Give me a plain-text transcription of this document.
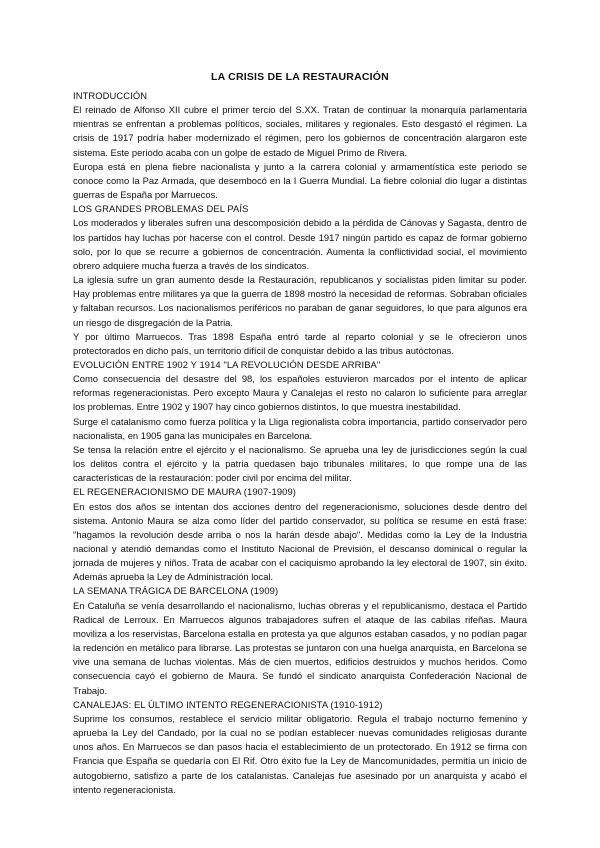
LA CRISIS DE LA RESTAURACIÓN
INTRODUCCIÓN

El reinado de Alfonso XII cubre el primer tercio del S.XX. Tratan de continuar la monarquía parlamentaria mientras se enfrentan a problemas políticos, sociales, militares y regionales. Esto desgastó el régimen. La crisis de 1917 podría haber modernizado el régimen, pero los gobiernos de concentración alargaron este sistema. Este periodo acaba con un golpe de estado de Miguel Primo de Rivera.

Europa está en plena fiebre nacionalista y junto a la carrera colonial y armamentística este periodo se conoce como la Paz Armada, que desembocó en la I Guerra Mundial. La fiebre colonial dio lugar a distintas guerras de España por Marruecos.

LOS GRANDES PROBLEMAS DEL PAÍS

Los moderados y liberales sufren una descomposición debido a la pérdida de Cánovas y Sagasta, dentro de los partidos hay luchas por hacerse con el control. Desde 1917 ningún partido es capaz de formar gobierno solo, por lo que se recurre a gobiernos de concentración. Aumenta la conflictividad social, el movimiento obrero adquiere mucha fuerza a través de los sindicatos.

La iglesia sufre un gran aumento desde la Restauración, republicanos y socialistas piden limitar su poder. Hay problemas entre militares ya que la guerra de 1898 mostró la necesidad de reformas. Sobraban oficiales y faltaban recursos. Los nacionalismos periféricos no paraban de ganar seguidores, lo que para algunos era un riesgo de disgregación de la Patria.

Y por último Marruecos. Tras 1898 España entró tarde al reparto colonial y se le ofrecieron unos protectorados en dicho país, un territorio difícil de conquistar debido a las tribus autóctonas.

EVOLUCIÓN ENTRE 1902 Y 1914 "LA REVOLUCIÓN DESDE ARRIBA"

Como consecuencia del desastre del 98, los españoles estuvieron marcados por el intento de aplicar reformas regeneracionistas. Pero excepto Maura y Canalejas el resto no calaron lo suficiente para arreglar los problemas. Entre 1902 y 1907 hay cinco gobiernos distintos, lo que muestra inestabilidad.

Surge el catalanismo como fuerza política y la Lliga regionalista cobra importancia, partido conservador pero nacionalista, en 1905 gana las municipales en Barcelona.

Se tensa la relación entre el ejército y el nacionalismo. Se aprueba una ley de jurisdicciones según la cual los delitos contra el ejército y la patria quedasen bajo tribunales militares, lo que rompe una de las características de la restauración: poder civil por encima del militar.

EL REGENERACIONISMO DE MAURA (1907-1909)

En estos dos años se intentan dos acciones dentro del regeneracionismo, soluciones desde dentro del sistema. Antonio Maura se alza como líder del partido conservador, su política se resume en está frase: "hagamos la revolución desde arriba o nos la harán desde abajo". Medidas como la Ley de la Industria nacional y atendió demandas como el Instituto Nacional de Previsión, el descanso dominical o regular la jornada de mujeres y niños. Trata de acabar con el caciquismo aprobando la ley electoral de 1907, sin éxito. Además aprueba la Ley de Administración local.

LA SEMANA TRÁGICA DE BARCELONA (1909)

En Cataluña se venía desarrollando el nacionalismo, luchas obreras y el republicanismo, destaca el Partido Radical de Lerroux. En Marruecos algunos trabajadores sufren el ataque de las cabilas rifeñas. Maura moviliza a los reservistas, Barcelona estalla en protesta ya que algunos estaban casados, y no podían pagar la redención en metálico para librarse. Las protestas se juntaron con una huelga anarquista, en Barcelona se vive una semana de luchas violentas. Más de cien muertos, edificios destruidos y muchos heridos. Como consecuencia cayó el gobierno de Maura. Se fundó el sindicato anarquista Confederación Nacional de Trabajo.

CANALEJAS: EL ÚLTIMO INTENTO REGENERACIONISTA (1910-1912)

Suprime los consumos, restablece el servicio militar obligatorio. Regula el trabajo nocturno femenino y aprueba la Ley del Candado, por la cual no se podían establecer nuevas comunidades religiosas durante unos años. En Marruecos se dan pasos hacia el establecimiento de un protectorado. En 1912 se firma con Francia que España se quedaría con El Rif. Otro éxito fue la Ley de Mancomunidades, permitía un inicio de autogobierno, satisfizo a parte de los catalanistas. Canalejas fue asesinado por un anarquista y acabó el intento regeneracionista.
